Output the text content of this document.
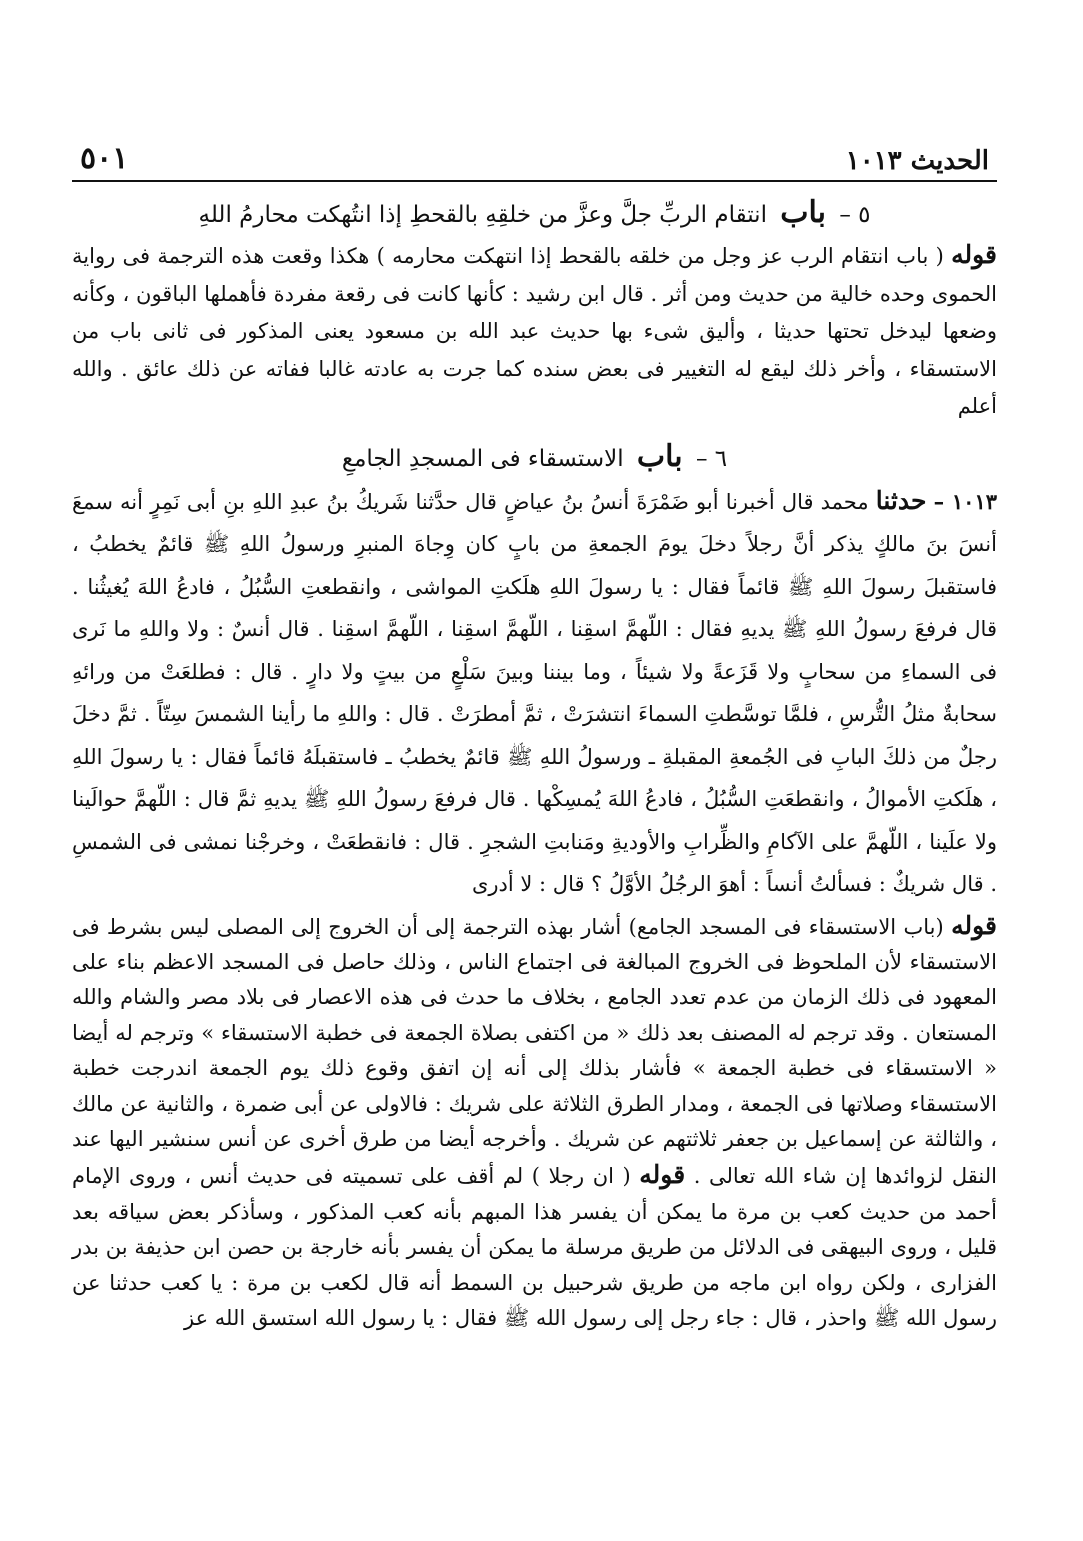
الحديث ١٠١٣
٥٠١
٥ – باب انتقام الربِّ جلَّ وعزَّ من خلقِهِ بالقحطِ إذا انتُهكت محارمُ اللهِ

قوله ( باب انتقام الرب عز وجل من خلقه بالقحط إذا انتهكت محارمه ) هكذا وقعت هذه الترجمة فى رواية الحموى وحده خالية من حديث ومن أثر . قال ابن رشيد : كأنها كانت فى رقعة مفردة فأهملها الباقون ، وكأنه وضعها ليدخل تحتها حديثا ، وأليق شىء بها حديث عبد الله بن مسعود يعنى المذكور فى ثانى باب من الاستسقاء ، وأخر ذلك ليقع له التغيير فى بعض سنده كما جرت به عادته غالبا ففاته عن ذلك عائق . والله أعلم

٦ – باب الاستسقاء فى المسجدِ الجامعِ

١٠١٣ – حدثنا محمد قال أخبرنا أبو ضَمْرَةَ أنسُ بنُ عياضٍ قال حدَّثنا شَريكُ بنُ عبدِ اللهِ بنِ أبى نَمِرٍ أنه سمعَ أنسَ بنَ مالكٍ يذكر أنَّ رجلاً دخلَ يومَ الجمعةِ من بابٍ كان وِجاهَ المنبرِ ورسولُ اللهِ ﷺ قائمٌ يخطبُ ، فاستقبلَ رسولَ اللهِ ﷺ قائماً فقال : يا رسولَ اللهِ هلَكتِ المواشى ، وانقطعتِ السُّبُلُ ، فادعُ اللهَ يُغيثُنا . قال فرفعَ رسولُ اللهِ ﷺ يديهِ فقال : اللّهمَّ اسقِنا ، اللّهمَّ اسقِنا ، اللّهمَّ اسقِنا . قال أنسٌ : ولا واللهِ ما نَرى فى السماءِ من سحابٍ ولا قَزَعةً ولا شيئاً ، وما بيننا وبينَ سَلْعٍ من بيتٍ ولا دارٍ . قال : فطلعَتْ من ورائهِ سحابةٌ مثلُ التُّرسِ ، فلمَّا توسَّطتِ السماءَ انتشرَتْ ، ثمَّ أمطرَتْ . قال : واللهِ ما رأينا الشمسَ سِتّاً . ثمَّ دخلَ رجلٌ من ذلكَ البابِ فى الجُمعةِ المقبلةِ ـ ورسولُ اللهِ ﷺ قائمٌ يخطبُ ـ فاستقبلَهُ قائماً فقال : يا رسولَ اللهِ ، هلَكتِ الأموالُ ، وانقطعَتِ السُّبُلُ ، فادعُ اللهَ يُمسِكْها . قال فرفعَ رسولُ اللهِ ﷺ يديهِ ثمَّ قال : اللّهمَّ حوالَينا ولا علَينا ، اللّهمَّ على الآكامِ والظِّرابِ والأوديةِ ومَنابتِ الشجرِ . قال : فانقطعَتْ ، وخرجْنا نمشى فى الشمسِ . قال شريكٌ : فسألتُ أنساً : أهوَ الرجُلُ الأوَّلُ ؟ قال : لا أدرى

قوله (باب الاستسقاء فى المسجد الجامع) أشار بهذه الترجمة إلى أن الخروج إلى المصلى ليس بشرط فى الاستسقاء لأن الملحوظ فى الخروج المبالغة فى اجتماع الناس ، وذلك حاصل فى المسجد الاعظم بناء على المعهود فى ذلك الزمان من عدم تعدد الجامع ، بخلاف ما حدث فى هذه الاعصار فى بلاد مصر والشام والله المستعان . وقد ترجم له المصنف بعد ذلك « من اكتفى بصلاة الجمعة فى خطبة الاستسقاء » وترجم له أيضا « الاستسقاء فى خطبة الجمعة » فأشار بذلك إلى أنه إن اتفق وقوع ذلك يوم الجمعة اندرجت خطبة الاستسقاء وصلاتها فى الجمعة ، ومدار الطرق الثلاثة على شريك : فالاولى عن أبى ضمرة ، والثانية عن مالك ، والثالثة عن إسماعيل بن جعفر ثلاثتهم عن شريك . وأخرجه أيضا من طرق أخرى عن أنس سنشير اليها عند النقل لزوائدها إن شاء الله تعالى . قوله ( ان رجلا ) لم أقف على تسميته فى حديث أنس ، وروى الإمام أحمد من حديث كعب بن مرة ما يمكن أن يفسر هذا المبهم بأنه كعب المذكور ، وسأذكر بعض سياقه بعد قليل ، وروى البيهقى فى الدلائل من طريق مرسلة ما يمكن أن يفسر بأنه خارجة بن حصن ابن حذيفة بن بدر الفزارى ، ولكن رواه ابن ماجه من طريق شرحبيل بن السمط أنه قال لكعب بن مرة : يا كعب حدثنا عن رسول الله ﷺ واحذر ، قال : جاء رجل إلى رسول الله ﷺ فقال : يا رسول الله استسق الله عز
